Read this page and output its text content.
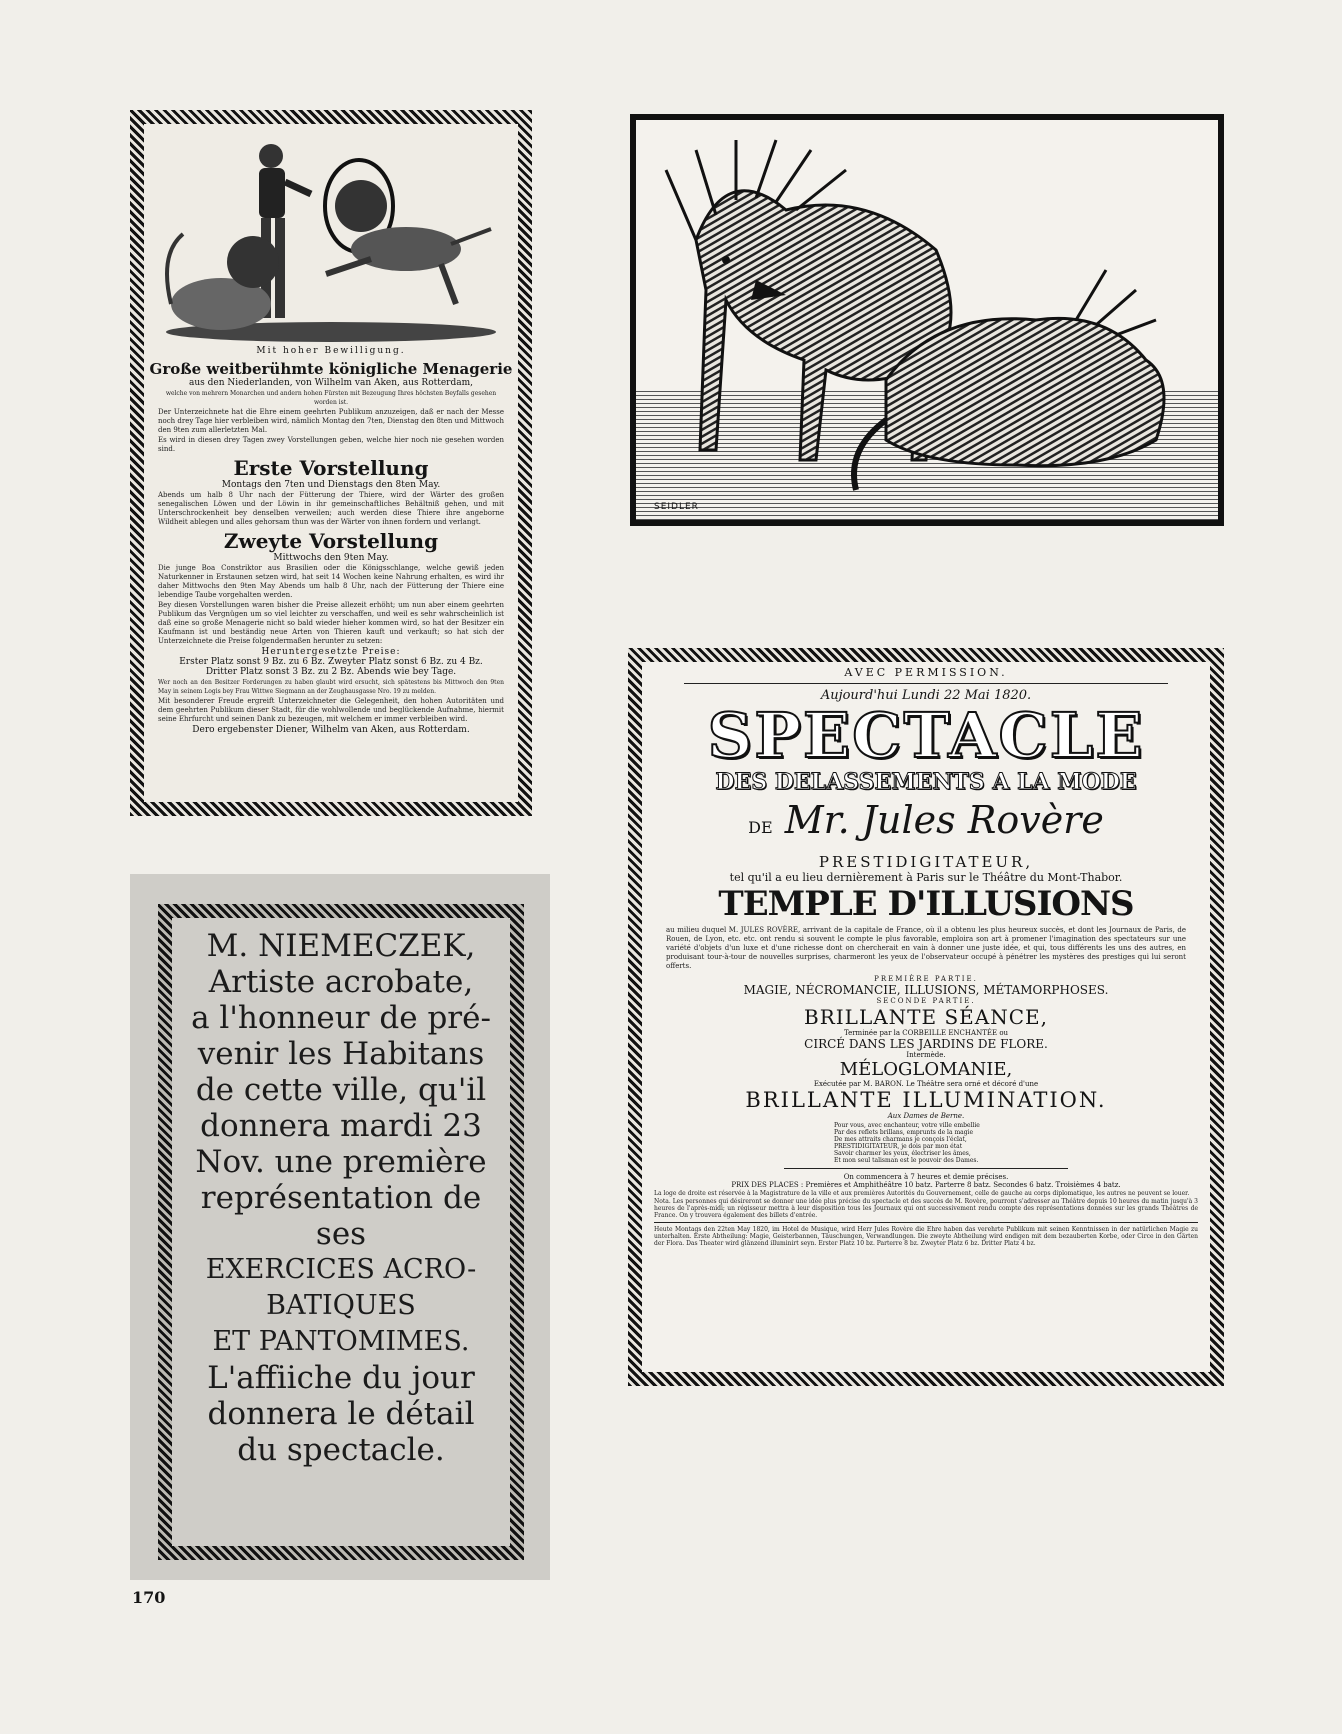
Mit hoher Bewilligung.

Große weitberühmte königliche Menagerie

aus den Niederlanden, von Wilhelm van Aken, aus Rotterdam,

welche von mehrern Monarchen und andern hohen Fürsten mit Bezeugung Ihres höchsten Beyfalls gesehen worden ist.

Der Unterzeichnete hat die Ehre einem geehrten Publikum anzuzeigen, daß er nach der Messe noch drey Tage hier verbleiben wird, nämlich Montag den 7ten, Dienstag den 8ten und Mittwoch den 9ten zum allerletzten Mal.

Es wird in diesen drey Tagen zwey Vorstellungen geben, welche hier noch nie gesehen worden sind.

Erste Vorstellung

Montags den 7ten und Dienstags den 8ten May.

Abends um halb 8 Uhr nach der Fütterung der Thiere, wird der Wärter des großen senegalischen Löwen und der Löwin in ihr gemeinschaftliches Behältniß gehen, und mit Unterschrockenheit bey denselben verweilen; auch werden diese Thiere ihre angeborne Wildheit ablegen und alles gehorsam thun was der Wärter von ihnen fordern und verlangt.

Zweyte Vorstellung

Mittwochs den 9ten May.

Die junge Boa Constriktor aus Brasilien oder die Königsschlange, welche gewiß jeden Naturkenner in Erstaunen setzen wird, hat seit 14 Wochen keine Nahrung erhalten, es wird ihr daher Mittwochs den 9ten May Abends um halb 8 Uhr, nach der Fütterung der Thiere eine lebendige Taube vorgehalten werden.

Bey diesen Vorstellungen waren bisher die Preise allezeit erhöht; um nun aber einem geehrten Publikum das Vergnügen um so viel leichter zu verschaffen, und weil es sehr wahrscheinlich ist daß eine so große Menagerie nicht so bald wieder hieher kommen wird, so hat der Besitzer ein Kaufmann ist und beständig neue Arten von Thieren kauft und verkauft; so hat sich der Unterzeichnete die Preise folgendermaßen herunter zu setzen:

Heruntergesetzte Preise:

Erster Platz sonst 9 Bz. zu 6 Bz. Zweyter Platz sonst 6 Bz. zu 4 Bz.

Dritter Platz sonst 3 Bz. zu 2 Bz. Abends wie bey Tage.

Wer noch an den Besitzer Forderungen zu haben glaubt wird ersucht, sich spätestens bis Mittwoch den 9ten May in seinem Logis bey Frau Wittwe Siegmann an der Zeughausgasse Nro. 19 zu melden.

Mit besonderer Freude ergreift Unterzeichneter die Gelegenheit, den hohen Autoritäten und dem geehrten Publikum dieser Stadt, für die wohlwollende und beglückende Aufnahme, hiermit seine Ehrfurcht und seinen Dank zu bezeugen, mit welchem er immer verbleiben wird.

Dero ergebenster Diener, Wilhelm van Aken, aus Rotterdam.

SEIDLER

M. NIEMECZEK,

Artiste acrobate,

a l'honneur de pré-

venir les Habitans

de cette ville, qu'il

donnera mardi 23

Nov. une première

représentation de

ses

EXERCICES ACRO-

BATIQUES

ET PANTOMIMES.

L'affiiche du jour

donnera le détail

du spectacle.

AVEC PERMISSION.

Aujourd'hui Lundi 22 Mai 1820.

SPECTACLE

DES DELASSEMENTS A LA MODE

DE Mr. Jules Rovère

PRESTIDIGITATEUR,

tel qu'il a eu lieu dernièrement à Paris sur le Théâtre du Mont-Thabor.

TEMPLE D'ILLUSIONS

au milieu duquel M. JULES ROVÈRE, arrivant de la capitale de France, où il a obtenu les plus heureux succès, et dont les Journaux de Paris, de Rouen, de Lyon, etc. etc. ont rendu si souvent le compte le plus favorable, emploira son art à promener l'imagination des spectateurs sur une variété d'objets d'un luxe et d'une richesse dont on chercherait en vain à donner une juste idée, et qui, tous différents les uns des autres, en produisant tour-à-tour de nouvelles surprises, charmeront les yeux de l'observateur occupé à pénétrer les mystères des prestiges qui lui seront offerts.

PREMIÈRE PARTIE.

MAGIE, NÉCROMANCIE, ILLUSIONS, MÉTAMORPHOSES.

SECONDE PARTIE.

BRILLANTE SÉANCE,

Terminée par la CORBEILLE ENCHANTÉE ou

CIRCÉ DANS LES JARDINS DE FLORE.

Intermède.

MÉLOGLOMANIE,

Exécutée par M. BARON. Le Théâtre sera orné et décoré d'une

BRILLANTE ILLUMINATION.

Aux Dames de Berne.

Pour vous, avec enchanteur, votre ville embellie
Par des reflets brillans, emprunts de la magie
De mes attraits charmans je conçois l'éclat,
PRESTIDIGITATEUR, je dois par mon état
Savoir charmer les yeux, électriser les âmes,
Et mon seul talisman est le pouvoir des Dames.

On commencera à 7 heures et demie précises.

PRIX DES PLACES : Premières et Amphithéâtre 10 batz. Parterre 8 batz. Secondes 6 batz. Troisièmes 4 batz.

La loge de droite est réservée à la Magistrature de la ville et aux premières Autorités du Gouvernement, celle de gauche au corps diplomatique, les autres ne peuvent se louer.

Nota. Les personnes qui désireront se donner une idée plus précise du spectacle et des succès de M. Rovère, pourront s'adresser au Théâtre depuis 10 heures du matin jusqu'à 3 heures de l'après-midi; un régisseur mettra à leur disposition tous les Journaux qui ont successivement rendu compte des représentations données sur les grands Théâtres de France. On y trouvera également des billets d'entrée.

Heute Montags den 22ten May 1820, im Hotel de Musique, wird Herr Jules Rovère die Ehre haben das verehrte Publikum mit seinen Kenntnissen in der natürlichen Magie zu unterhalten. Erste Abtheilung: Magie, Geisterbannen, Täuschungen, Verwandlungen. Die zweyte Abtheilung wird endigen mit dem bezauberten Korbe, oder Circe in den Gärten der Flora. Das Theater wird glänzend illuminirt seyn. Erster Platz 10 bz. Parterre 8 bz. Zweyter Platz 6 bz. Dritter Platz 4 bz.

170
